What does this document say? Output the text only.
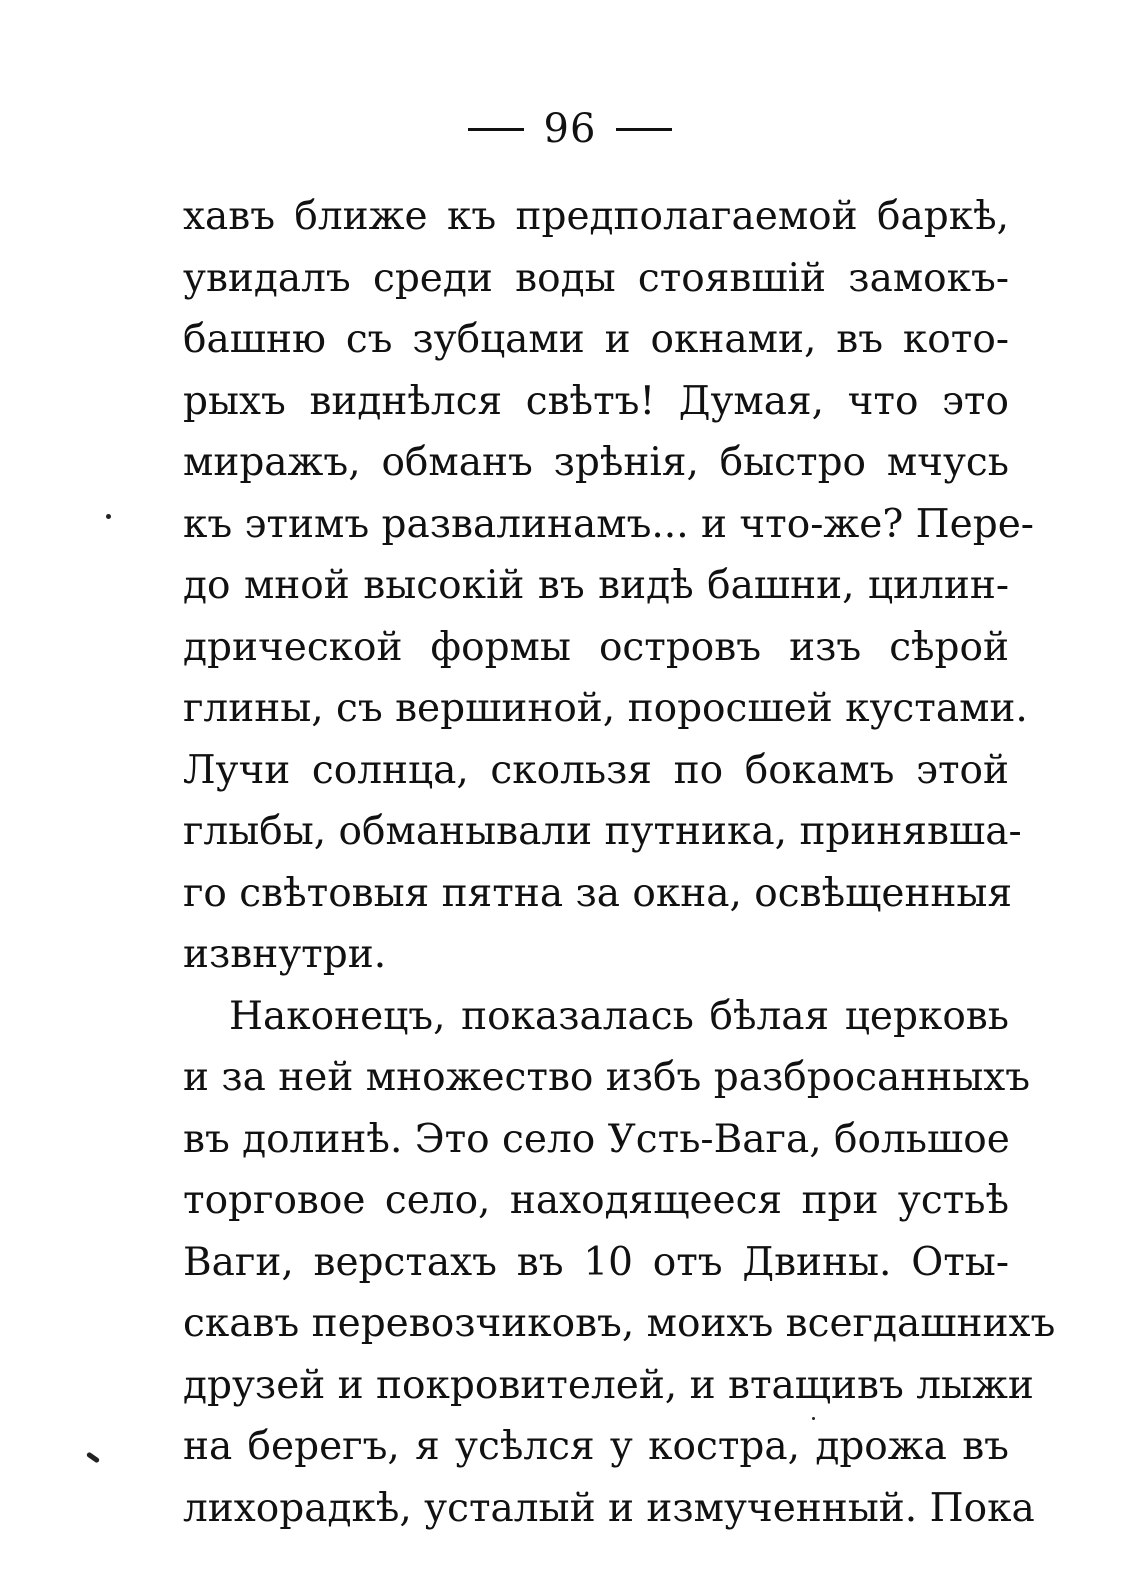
96
хавъ ближе къ предполагаемой баркѣ,
увидалъ среди воды стоявшій замокъ-
башню съ зубцами и окнами, въ кото-
рыхъ виднѣлся свѣтъ! Думая, что это
миражъ, обманъ зрѣнія, быстро мчусь
къ этимъ развалинамъ... и что-же? Пере-
до мной высокій въ видѣ башни, цилин-
дрической формы островъ изъ сѣрой
глины, съ вершиной, поросшей кустами.
Лучи солнца, скользя по бокамъ этой
глыбы, обманывали путника, принявша-
го свѣтовыя пятна за окна, освѣщенныя
извнутри.
Наконецъ, показалась бѣлая церковь
и за ней множество избъ разбросанныхъ
въ долинѣ. Это село Усть-Вага, большое
торговое село, находящееся при устьѣ
Ваги, верстахъ въ 10 отъ Двины. Оты-
скавъ перевозчиковъ, моихъ всегдашнихъ
друзей и покровителей, и втащивъ лыжи
на берегъ, я усѣлся у костра, дрожа въ
лихорадкѣ, усталый и измученный. Пока
